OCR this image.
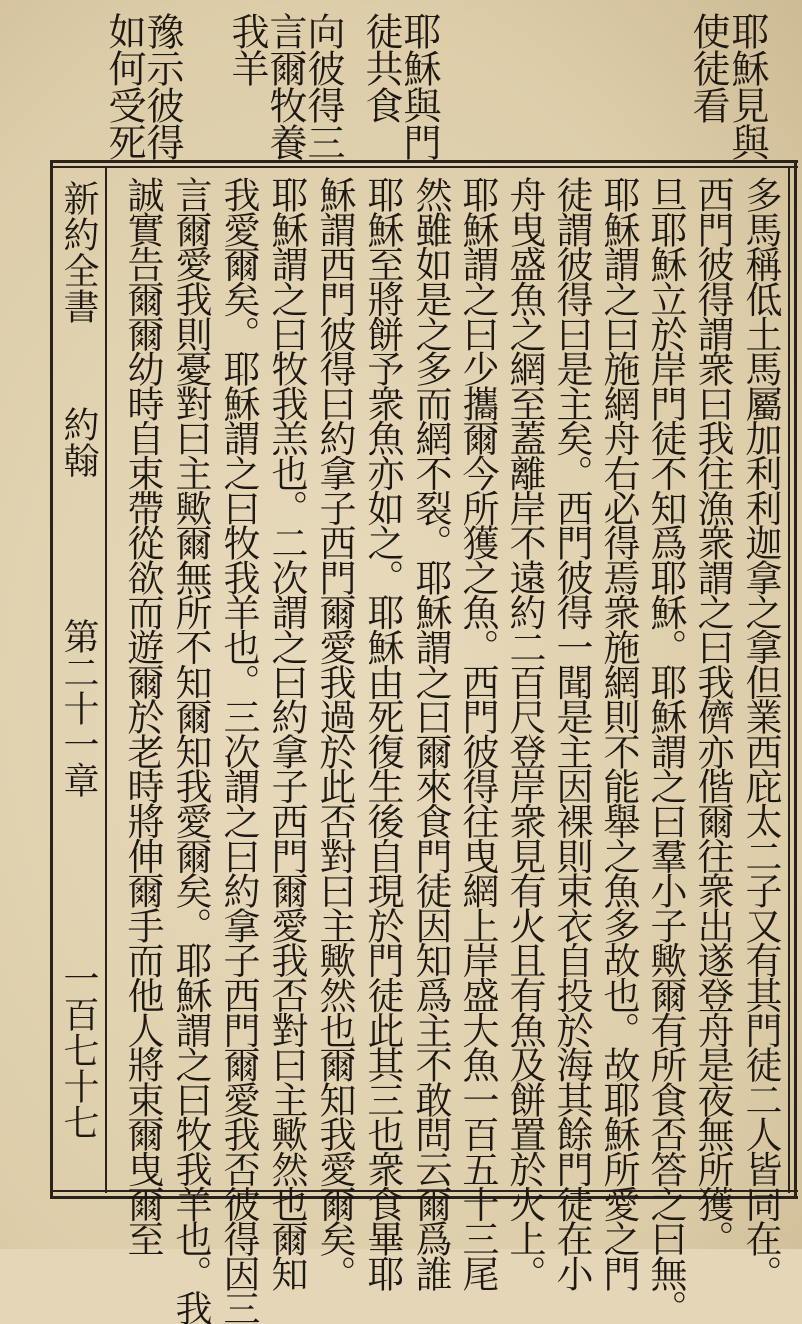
耶穌見與
使徒看
耶穌與門
徒共食
向彼得三
言爾牧養
我羊
豫示彼得
如何受死
多馬稱低土馬屬加利利迦拿之拿但業西庇太二子又有其門徒二人皆同在。
西門彼得謂衆曰我往漁衆謂之曰我儕亦偕爾往衆出遂登舟是夜無所獲。
旦耶穌立於岸門徒不知爲耶穌。耶穌謂之曰羣小子歟爾有所食否答之曰無。
耶穌謂之曰施網舟右必得焉衆施網則不能舉之魚多故也。故耶穌所愛之門
徒謂彼得曰是主矣。西門彼得一聞是主因裸則束衣自投於海其餘門徒在小
舟曳盛魚之網至蓋離岸不遠約二百尺登岸衆見有火且有魚及餅置於火上。
耶穌謂之曰少攜爾今所獲之魚。西門彼得往曳網上岸盛大魚一百五十三尾
然雖如是之多而網不裂。耶穌謂之曰爾來食門徒因知爲主不敢問云爾爲誰
耶穌至將餅予衆魚亦如之。耶穌由死復生後自現於門徒此其三也衆食畢耶
穌謂西門彼得曰約拿子西門爾愛我過於此否對曰主歟然也爾知我愛爾矣。
耶穌謂之曰牧我羔也。二次謂之曰約拿子西門爾愛我否對曰主歟然也爾知
我愛爾矣。耶穌謂之曰牧我羊也。三次謂之曰約拿子西門爾愛我否彼得因三
言爾愛我則憂對曰主歟爾無所不知爾知我愛爾矣。耶穌謂之曰牧我羊也。我
誠實告爾爾幼時自束帶從欲而遊爾於老時將伸爾手而他人將束爾曳爾至
新約全書
約翰
第二十一章
一百七十七
